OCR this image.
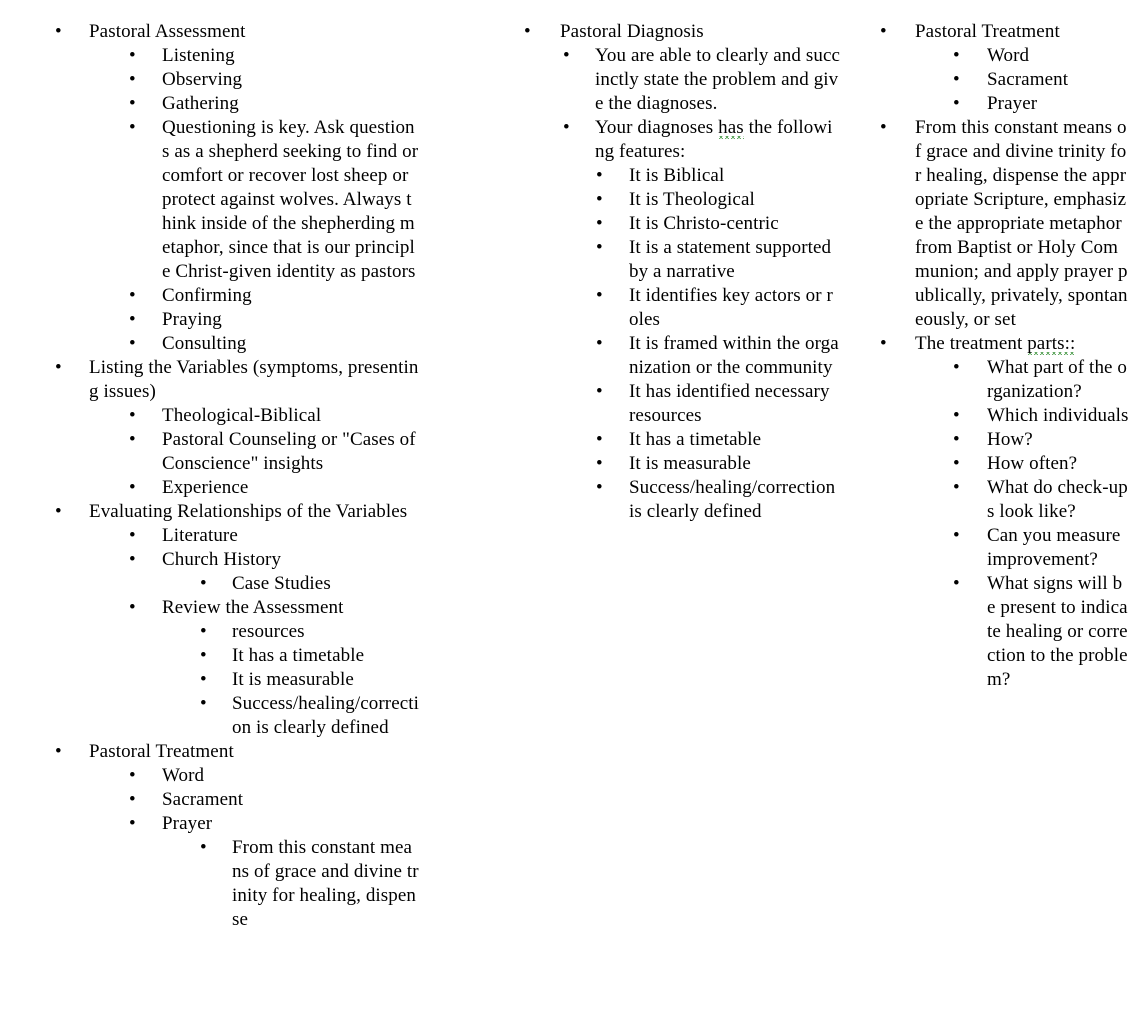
•	Pastoral Assessment
•	Listening
•	Observing
•	Gathering
•	Questioning is key. Ask questions as a shepherd seeking to find or comfort or recover lost sheep or protect against wolves. Always think inside of the shepherding metaphor, since that is our principle Christ-given identity as pastors
•	Confirming
•	Praying
•	Consulting
•	Listing the Variables (symptoms, presenting issues)
•	Theological-Biblical
•	Pastoral Counseling or "Cases of Conscience" insights
•	Experience
•	Evaluating Relationships of the Variables
•	Literature
•	Church History
•	Case Studies
•	Review the Assessment
•	resources
•	It has a timetable
•	It is measurable
•	Success/healing/correction is clearly defined
•	Pastoral Treatment
•	Word
•	Sacrament
•	Prayer
•	From this constant means of grace and divine trinity for healing, dispense
•	Pastoral Diagnosis
•	You are able to clearly and succinctly state the problem and give the diagnoses.
•	Your diagnoses has the following features:
•	It is Biblical
•	It is Theological
•	It is Christo-centric
•	It is a statement supported by a narrative
•	It identifies key actors or roles
•	It is framed within the organization or the community
•	It has identified necessary resources
•	It has a timetable
•	It is measurable
•	Success/healing/correction is clearly defined
•	Pastoral Treatment
•	Word
•	Sacrament
•	Prayer
•	From this constant means of grace and divine trinity for healing, dispense the appropriate Scripture, emphasize the appropriate metaphor from Baptist or Holy Communion; and apply prayer publically, privately, spontaneously, or set
•	The treatment parts::
•	What part of the organization?
•	Which individuals
•	How?
•	How often?
•	What do check-ups look like?
•	Can you measure improvement?
•	What signs will be present to indicate healing or correction to the problem?
